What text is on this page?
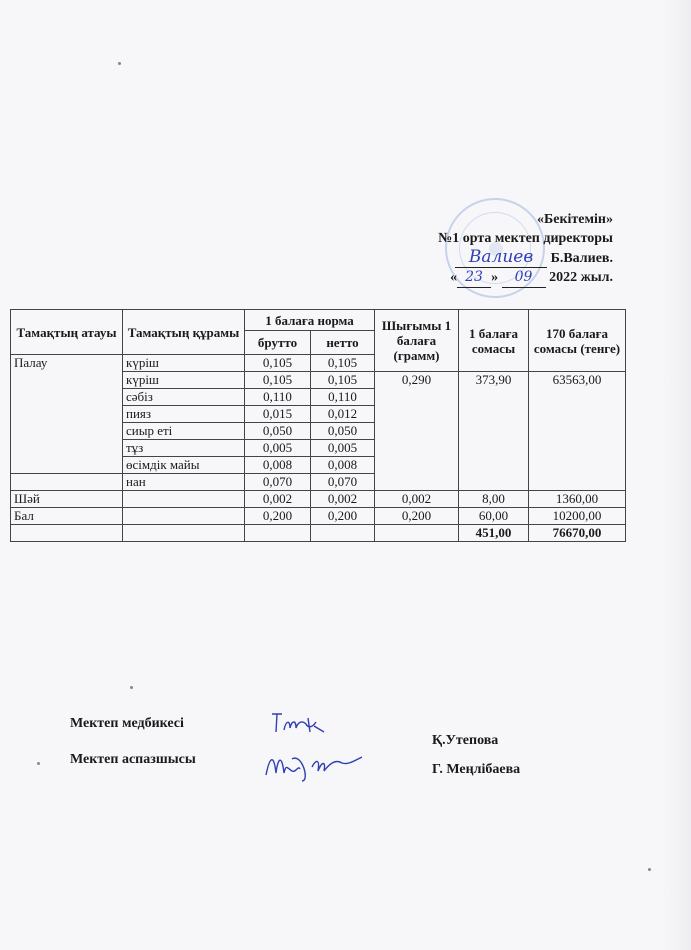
«Бекітемін»
№1 орта мектеп директоры
Валиев Б.Валиев.
« 23 » 09 2022 жыл.
Тамақтың атауы	Тамақтың құрамы	1 балаға норма		Шығымы 1 балаға (грамм)	1 балаға сомасы	170 балаға сомасы (тенге)	
		брутто	нетто				
Палау	күріш	0,105	0,105				
	күріш	0,105	0,105	0,290	373,90	63563,00	
	сәбіз	0,110	0,110				
	пияз	0,015	0,012				
	сиыр еті	0,050	0,050				
	тұз	0,005	0,005				
	өсімдік майы	0,008	0,008				
	нан	0,070	0,070			
Шәй		0,002	0,002	0,002	8,00	1360,00	
Бал		0,200	0,200	0,200	60,00	10200,00	
					451,00	76670,00	
Мектеп медбикесі
Мектеп аспазшысы
Қ.Утепова
Г. Меңлібаева
